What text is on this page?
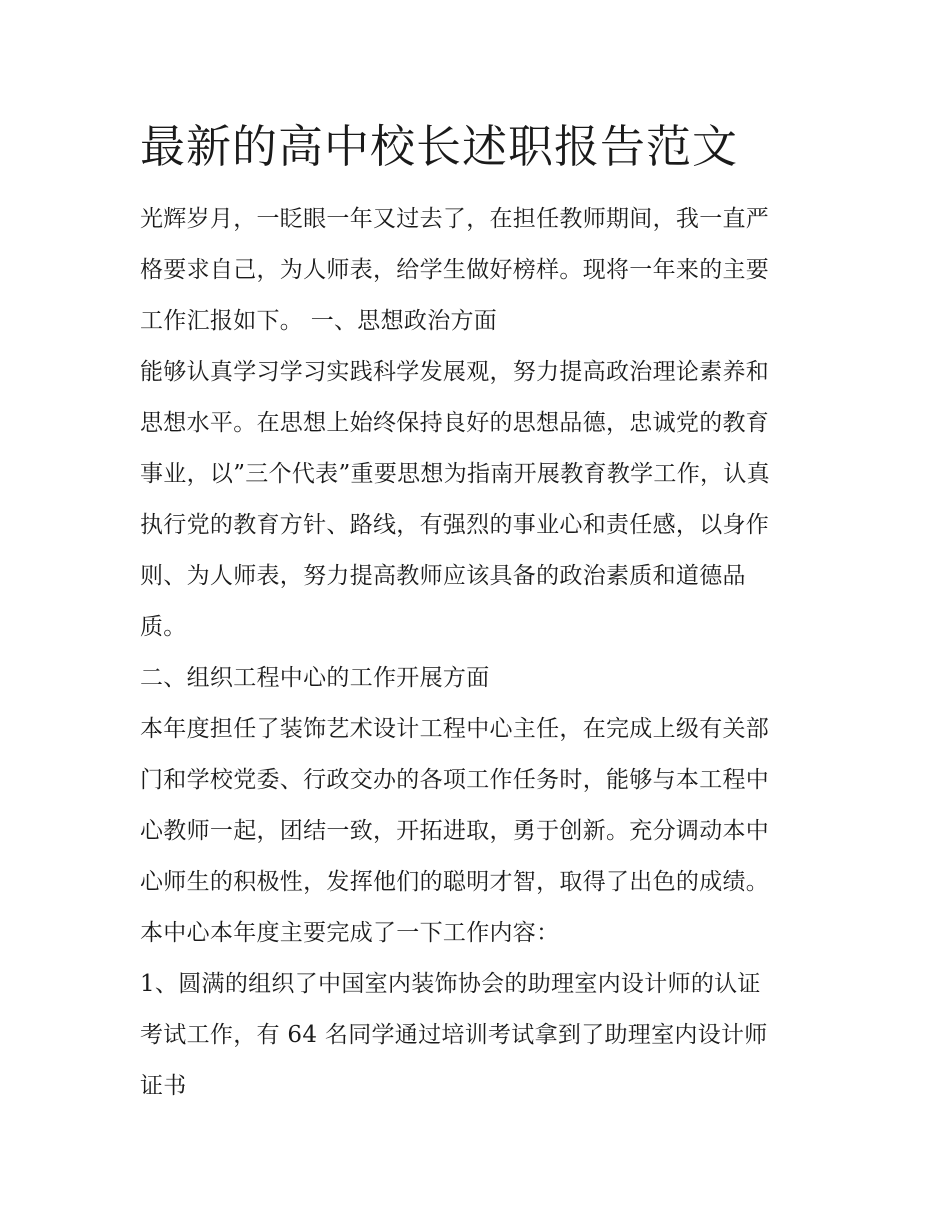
最新的高中校长述职报告范文
光辉岁月，一眨眼一年又过去了，在担任教师期间，我一直严
格要求自己，为人师表，给学生做好榜样。现将一年来的主要
工作汇报如下。 一、思想政治方面
能够认真学习学习实践科学发展观，努力提高政治理论素养和
思想水平。在思想上始终保持良好的思想品德，忠诚党的教育
事业，以”三个代表”重要思想为指南开展教育教学工作，认真
执行党的教育方针、路线，有强烈的事业心和责任感，以身作
则、为人师表，努力提高教师应该具备的政治素质和道德品
质。
二、组织工程中心的工作开展方面
本年度担任了装饰艺术设计工程中心主任，在完成上级有关部
门和学校党委、行政交办的各项工作任务时，能够与本工程中
心教师一起，团结一致，开拓进取，勇于创新。充分调动本中
心师生的积极性，发挥他们的聪明才智，取得了出色的成绩。
本中心本年度主要完成了一下工作内容：
1、圆满的组织了中国室内装饰协会的助理室内设计师的认证
考试工作，有 64 名同学通过培训考试拿到了助理室内设计师
证书
